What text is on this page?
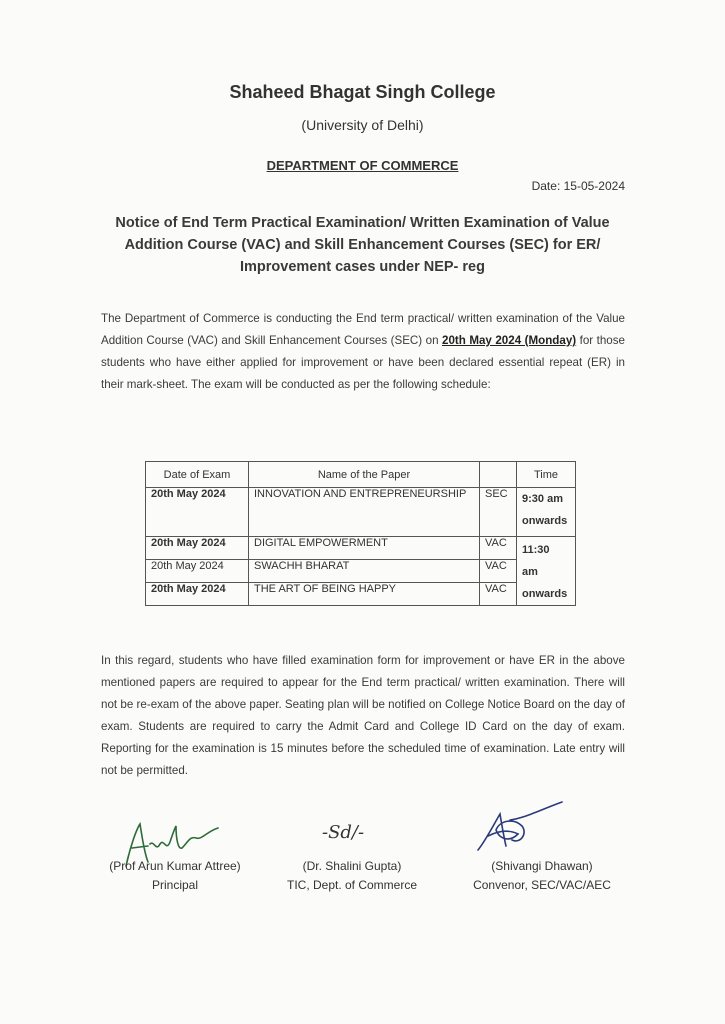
Shaheed Bhagat Singh College
(University of Delhi)
DEPARTMENT OF COMMERCE
Date: 15-05-2024
Notice of End Term Practical Examination/ Written Examination of Value
Addition Course (VAC) and Skill Enhancement Courses (SEC) for ER/
Improvement cases under NEP- reg
The Department of Commerce is conducting the End term practical/ written examination of the Value Addition Course (VAC) and Skill Enhancement Courses (SEC) on 20th May 2024 (Monday) for those students who have either applied for improvement or have been declared essential repeat (ER) in their mark-sheet. The exam will be conducted as per the following schedule:
Date of Exam	Name of the Paper		Time
20th May 2024	INNOVATION AND ENTREPRENEURSHIP	SEC	9:30 am
onwards

20th May 2024	DIGITAL EMPOWERMENT	VAC	11:30
am
onwards

20th May 2024	SWACHH BHARAT	VAC	
20th May 2024	THE ART OF BEING HAPPY	VAC	
In this regard, students who have filled examination form for improvement or have ER in the above mentioned papers are required to appear for the End term practical/ written examination. There will not be re-exam of the above paper. Seating plan will be notified on College Notice Board on the day of exam. Students are required to carry the Admit Card and College ID Card on the day of exam. Reporting for the examination is 15 minutes before the scheduled time of examination. Late entry will not be permitted.
-Sd/-
(Prof Arun Kumar Attree)
Principal
(Dr. Shalini Gupta)
TIC, Dept. of Commerce
(Shivangi Dhawan)
Convenor, SEC/VAC/AEC
